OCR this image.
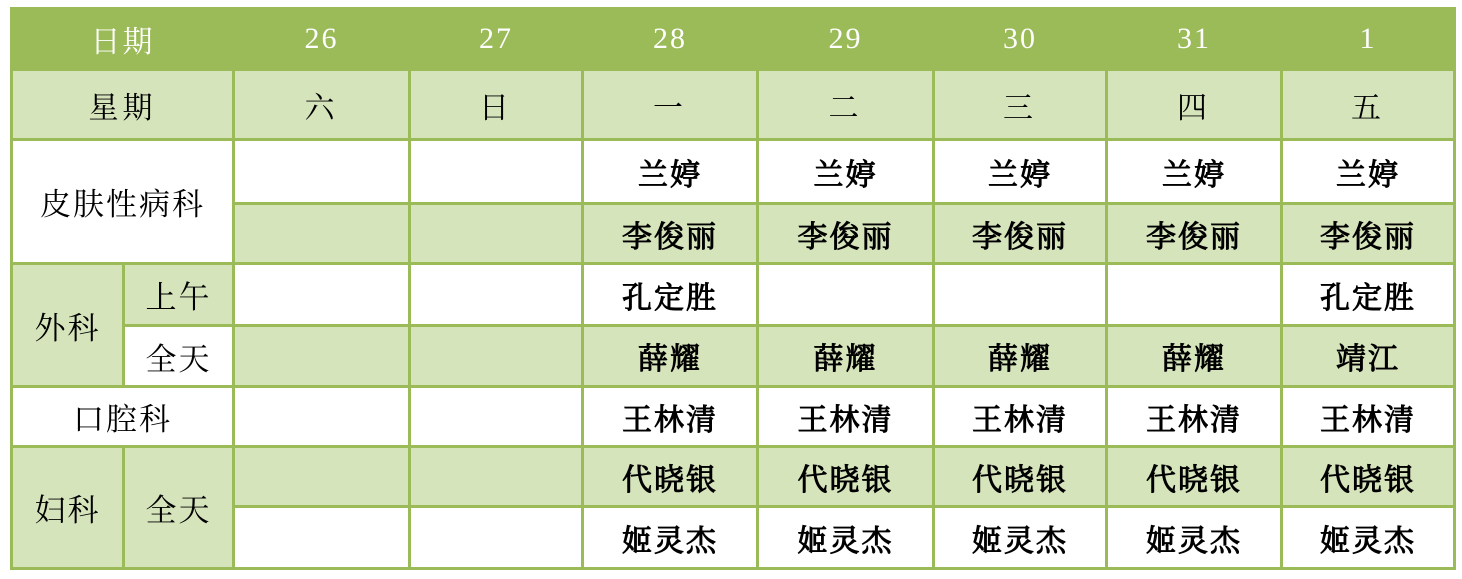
日期		26	27	28	29	30	31	1
星期		六	日	一	二	三	四	五
皮肤性病科				兰婷	兰婷	兰婷	兰婷	兰婷
				李俊丽	李俊丽	李俊丽	李俊丽	李俊丽
外科	上午			孔定胜				孔定胜
	全天			薛耀	薛耀	薛耀	薛耀	靖江
口腔科				王林清	王林清	王林清	王林清	王林清
妇科	全天			代晓银	代晓银	代晓银	代晓银	代晓银
				姬灵杰	姬灵杰	姬灵杰	姬灵杰	姬灵杰
